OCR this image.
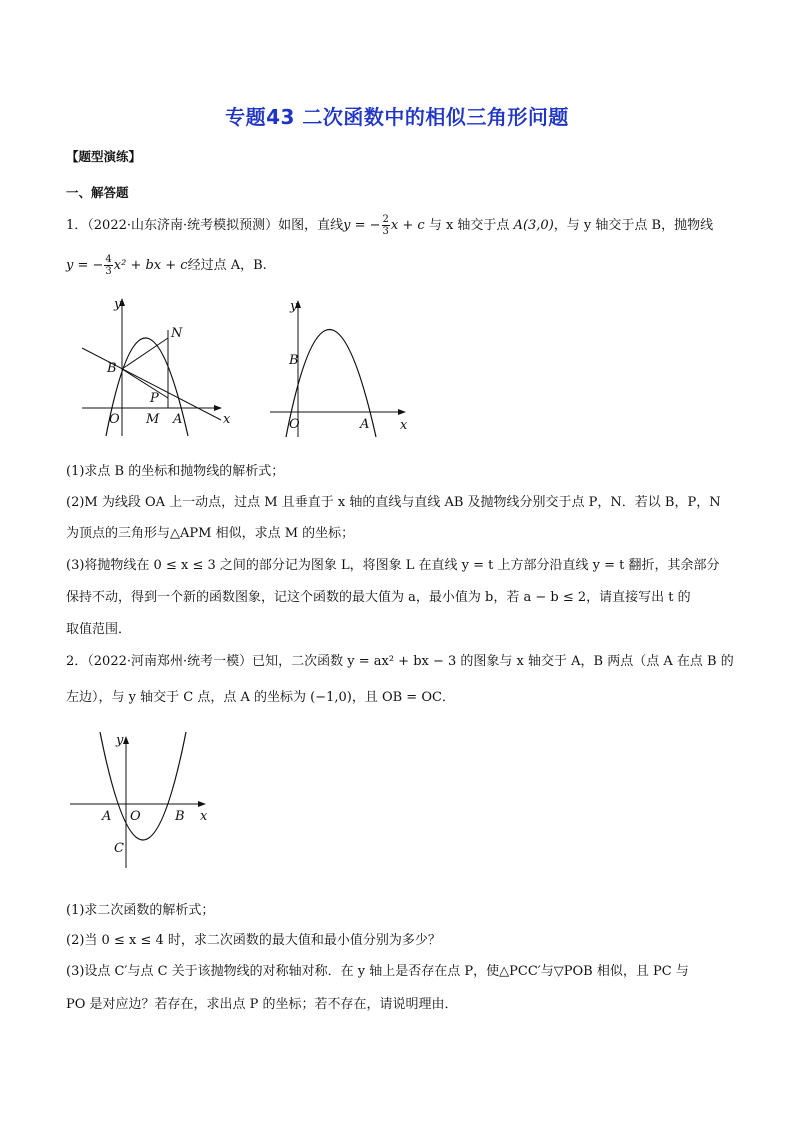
专题43 二次函数中的相似三角形问题
【题型演练】
一、解答题
1．（2022·山东济南·统考模拟预测）如图，直线y = − $\frac{2}{3}$ x + c 与 x 轴交于点 A(3,0)，与 y 轴交于点 B，抛物线
y = − $\frac{4}{3} x^2$ + bx + c经过点 A，B.
y
x
O
B
N
P
M A
y
x
O
B
A
(1)求点 B 的坐标和抛物线的解析式；
(2)M 为线段 OA 上一动点，过点 M 且垂直于 x 轴的直线与直线 AB 及抛物线分别交于点 P，N．若以 B，P，N
为顶点的三角形与△APM 相似，求点 M 的坐标；
(3)将抛物线在 0 ≤ x ≤ 3 之间的部分记为图象 L，将图象 L 在直线 y = t 上方部分沿直线 y = t 翻折，其余部分
保持不动，得到一个新的函数图象，记这个函数的最大值为 a，最小值为 b，若 a − b ≤ 2，请直接写出 t 的
取值范围．
2．（2022·河南郑州·统考一模）已知，二次函数 y = ax² + bx − 3 的图象与 x 轴交于 A，B 两点（点 A 在点 B 的
左边），与 y 轴交于 C 点，点 A 的坐标为 (−1,0)，且 OB = OC．
y
x
A O	B
C
(1)求二次函数的解析式；
(2)当 0 ≤ x ≤ 4 时，求二次函数的最大值和最小值分别为多少？
(3)设点 C′与点 C 关于该抛物线的对称轴对称．在 y 轴上是否存在点 P，使△PCC′与▽POB 相似，且 PC 与
PO 是对应边？若存在，求出点 P 的坐标；若不存在，请说明理由．
